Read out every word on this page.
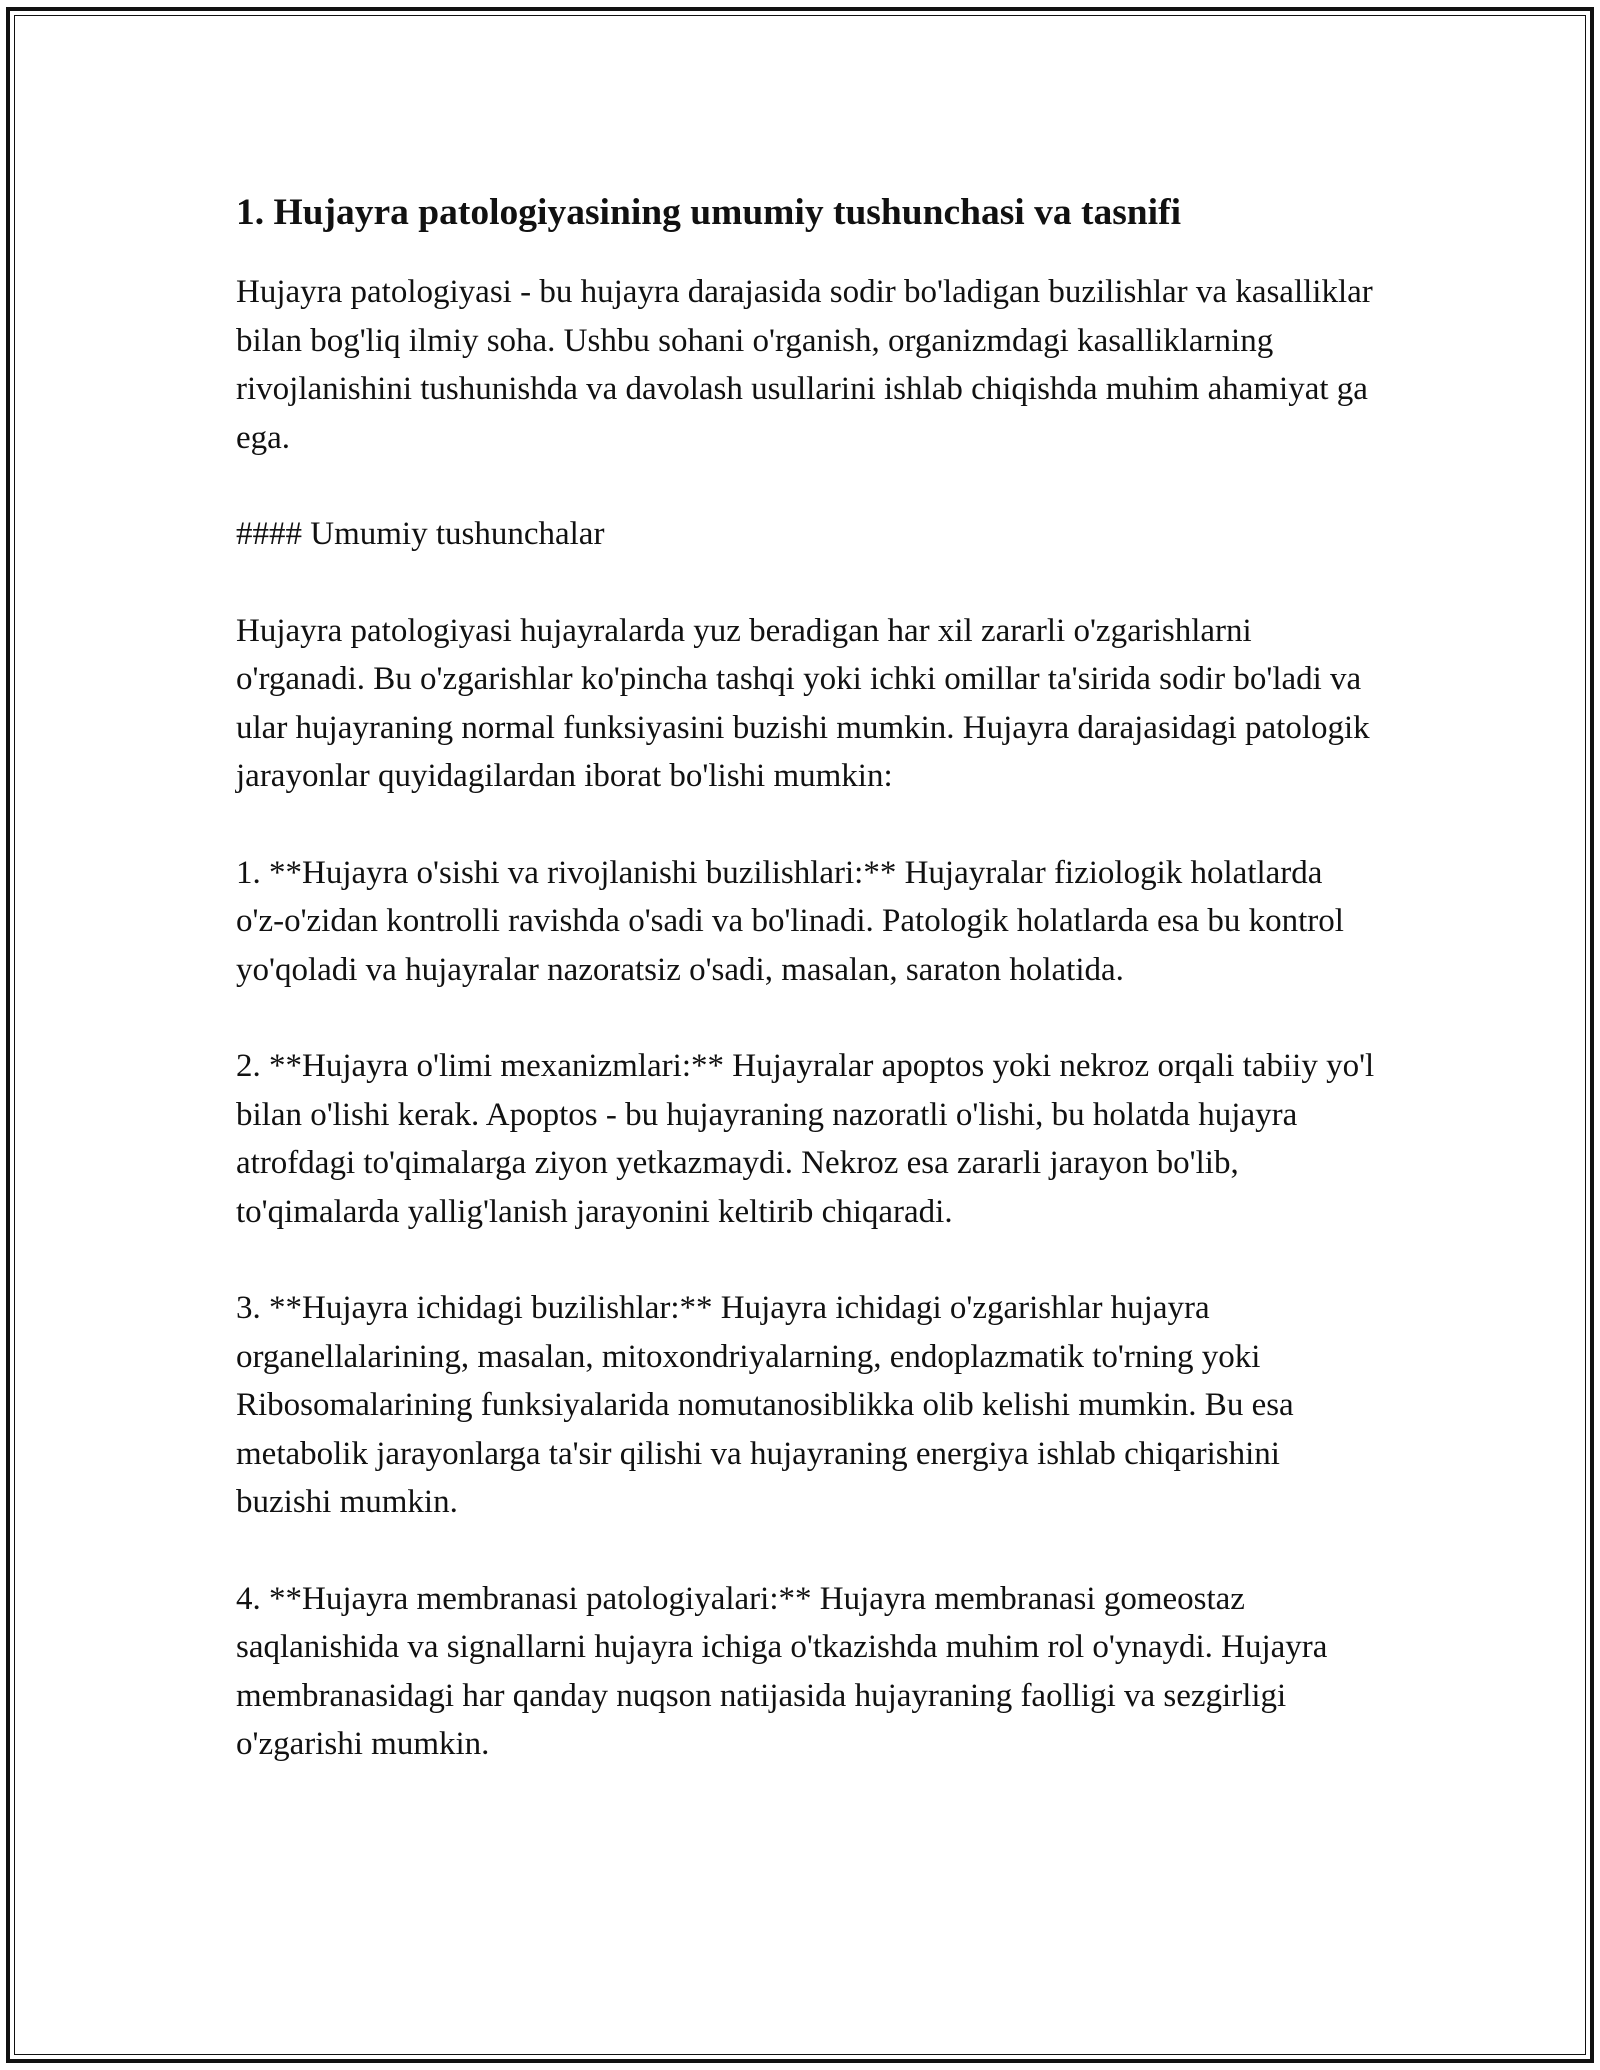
1. Hujayra patologiyasining umumiy tushunchasi va tasnifi

Hujayra patologiyasi - bu hujayra darajasida sodir bo'ladigan buzilishlar va kasalliklar bilan bog'liq ilmiy soha. Ushbu sohani o'rganish, organizmdagi kasalliklarning rivojlanishini tushunishda va davolash usullarini ishlab chiqishda muhim ahamiyat ga ega.

#### Umumiy tushunchalar

Hujayra patologiyasi hujayralarda yuz beradigan har xil zararli o'zgarishlarni o'rganadi. Bu o'zgarishlar ko'pincha tashqi yoki ichki omillar ta'sirida sodir bo'ladi va ular hujayraning normal funksiyasini buzishi mumkin. Hujayra darajasidagi patologik jarayonlar quyidagilardan iborat bo'lishi mumkin:

1. **Hujayra o'sishi va rivojlanishi buzilishlari:** Hujayralar fiziologik holatlarda o'z-o'zidan kontrolli ravishda o'sadi va bo'linadi. Patologik holatlarda esa bu kontrol yo'qoladi va hujayralar nazoratsiz o'sadi, masalan, saraton holatida.

2. **Hujayra o'limi mexanizmlari:** Hujayralar apoptos yoki nekroz orqali tabiiy yo'l bilan o'lishi kerak. Apoptos - bu hujayraning nazoratli o'lishi, bu holatda hujayra atrofdagi to'qimalarga ziyon yetkazmaydi. Nekroz esa zararli jarayon bo'lib, to'qimalarda yallig'lanish jarayonini keltirib chiqaradi.

3. **Hujayra ichidagi buzilishlar:** Hujayra ichidagi o'zgarishlar hujayra organellalarining, masalan, mitoxondriyalarning, endoplazmatik to'rning yoki Ribosomalarining funksiyalarida nomutanosiblikka olib kelishi mumkin. Bu esa metabolik jarayonlarga ta'sir qilishi va hujayraning energiya ishlab chiqarishini buzishi mumkin.

4. **Hujayra membranasi patologiyalari:** Hujayra membranasi gomeostaz saqlanishida va signallarni hujayra ichiga o'tkazishda muhim rol o'ynaydi. Hujayra membranasidagi har qanday nuqson natijasida hujayraning faolligi va sezgirligi o'zgarishi mumkin.
